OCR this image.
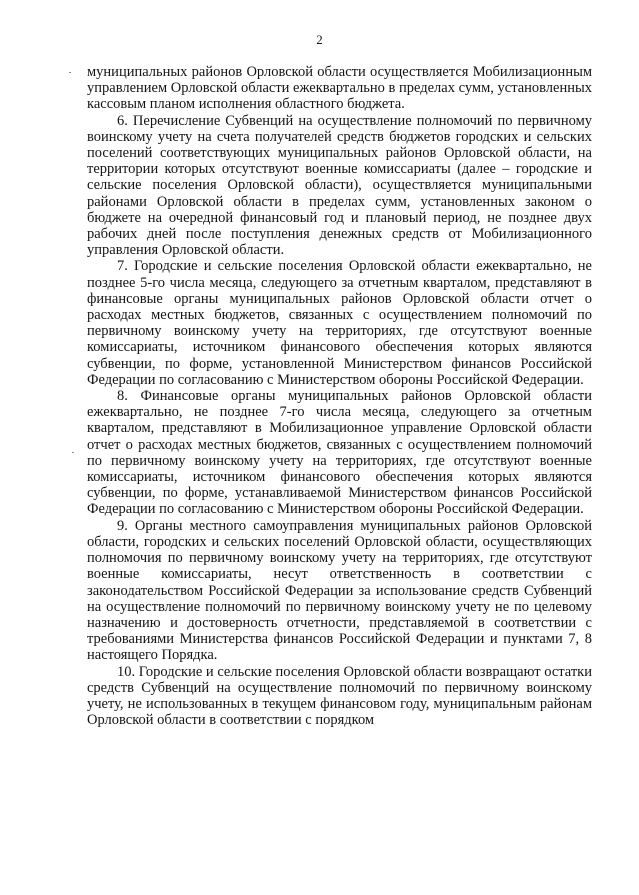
2

муниципальных районов Орловской области осуществляется Мобилизационным управлением Орловской области ежеквартально в пределах сумм, установленных кассовым планом исполнения областного бюджета.

6. Перечисление Субвенций на осуществление полномочий по первичному воинскому учету на счета получателей средств бюджетов городских и сельских поселений соответствующих муниципальных районов Орловской области, на территории которых отсутствуют военные комиссариаты (далее – городские и сельские поселения Орловской области), осуществляется муниципальными районами Орловской области в пределах сумм, установленных законом о бюджете на очередной финансовый год и плановый период, не позднее двух рабочих дней после поступления денежных средств от Мобилизационного управления Орловской области.

7. Городские и сельские поселения Орловской области ежеквартально, не позднее 5-го числа месяца, следующего за отчетным кварталом, представляют в финансовые органы муниципальных районов Орловской области отчет о расходах местных бюджетов, связанных с осуществлением полномочий по первичному воинскому учету на территориях, где отсутствуют военные комиссариаты, источником финансового обеспечения которых являются субвенции, по форме, установленной Министерством финансов Российской Федерации по согласованию с Министерством обороны Российской Федерации.

8. Финансовые органы муниципальных районов Орловской области ежеквартально, не позднее 7-го числа месяца, следующего за отчетным кварталом, представляют в Мобилизационное управление Орловской области отчет о расходах местных бюджетов, связанных с осуществлением полномочий по первичному воинскому учету на территориях, где отсутствуют военные комиссариаты, источником финансового обеспечения которых являются субвенции, по форме, устанавливаемой Министерством финансов Российской Федерации по согласованию с Министерством обороны Российской Федерации.

9. Органы местного самоуправления муниципальных районов Орловской области, городских и сельских поселений Орловской области, осуществляющих полномочия по первичному воинскому учету на территориях, где отсутствуют военные комиссариаты, несут ответственность в соответствии с законодательством Российской Федерации за использование средств Субвенций на осуществление полномочий по первичному воинскому учету не по целевому назначению и достоверность отчетности, представляемой в соответствии с требованиями Министерства финансов Российской Федерации и пунктами 7, 8 настоящего Порядка.

10. Городские и сельские поселения Орловской области возвращают остатки средств Субвенций на осуществление полномочий по первичному воинскому учету, не использованных в текущем финансовом году, муниципальным районам Орловской области в соответствии с порядком
